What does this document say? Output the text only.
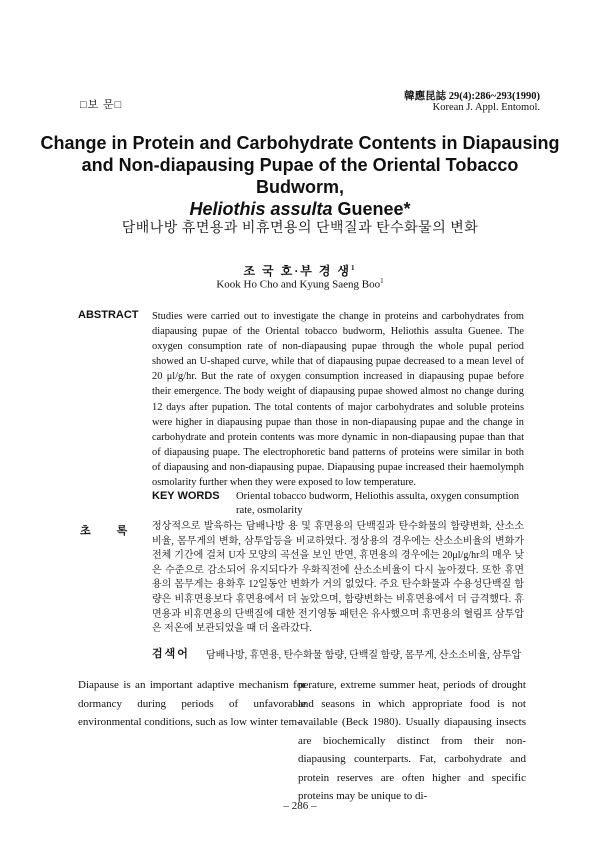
□보 문□
韓應昆誌 29(4):286~293(1990)
Korean J. Appl. Entomol.
Change in Protein and Carbohydrate Contents in Diapausing
and Non-diapausing Pupae of the Oriental Tobacco Budworm,
Heliothis assulta Guenee*
담배나방 휴면용과 비휴면용의 단백질과 탄수화물의 변화
조 국 호·부 경 생$^1$
Kook Ho Cho and Kyung Saeng Boo$^1$
ABSTRACT Studies were carried out to investigate the change in proteins and carbohydrates from diapausing pupae of the Oriental tobacco budworm, Heliothis assulta Guenee. The oxygen consumption rate of non-diapausing pupae through the whole pupal period showed an U-shaped curve, while that of diapausing pupae decreased to a mean level of 20 μl/g/hr. But the rate of oxygen consumption increased in diapausing pupae before their emergence. The body weight of diapausing pupae showed almost no change during 12 days after pupation. The total contents of major carbohydrates and soluble proteins were higher in diapausing pupae than those in non-diapausing pupae and the change in carbohydrate and protein contents was more dynamic in non-diapausing pupae than that of diapausing puape. The electrophoretic band patterns of proteins were similar in both of diapausing and non-diapausing pupae. Diapausing pupae increased their haemolymph osmolarity further when they were exposed to low temperature.
KEY WORDS Oriental tobacco budworm, Heliothis assulta, oxygen consumption rate, osmolarity
초록
정상적으로 발육하는 담배나방 용 및 휴면용의 단백질과 탄수화물의 함량변화, 산소소비율, 몸무게의 변화, 삼투압등을 비교하였다. 정상용의 경우에는 산소소비율의 변화가 전체 기간에 걸쳐 U자 모양의 곡선을 보인 반면, 휴면용의 경우에는 20μl/g/hr의 매우 낮은 수준으로 감소되어 유지되다가 우화직전에 산소소비율이 다시 높아졌다. 또한 휴면용의 몸무게는 용화후 12일동안 변화가 거의 없었다. 주요 탄수화물과 수용성단백질 함량은 비휴면용보다 휴면용에서 더 높았으며, 함량변화는 비휴면용에서 더 급격했다. 휴면용과 비휴면용의 단백질에 대한 전기영동 패턴은 유사했으며 휴면용의 혈림프 삼투압은 저온에 보관되었을 때 더 올라갔다.
검색어 담배나방, 휴면용, 탄수화물 함량, 단백질 함량, 몸무게, 산소소비율, 삼투압
Diapause is an important adaptive mechanism for dormancy during periods of unfavorable environmental conditions, such as low winter tem-
perature, extreme summer heat, periods of drought and seasons in which appropriate food is not available (Beck 1980). Usually diapausing insects are biochemically distinct from their non-diapausing counterparts. Fat, carbohydrate and protein reserves are often higher and specific proteins may be unique to di-
– 286 –
